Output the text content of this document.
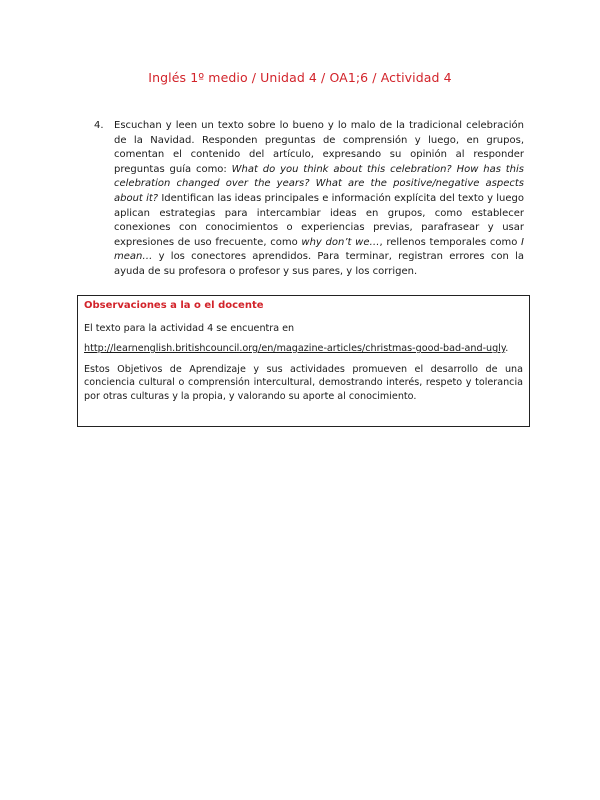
Inglés 1º medio / Unidad 4 / OA1;6 / Actividad 4
4.	Escuchan y leen un texto sobre lo bueno y lo malo de la tradicional celebración de la Navidad. Responden preguntas de comprensión y luego, en grupos, comentan el contenido del artículo, expresando su opinión al responder preguntas guía como: What do you think about this celebration? How has this celebration changed over the years? What are the positive/negative aspects about it? Identifican las ideas principales e información explícita del texto y luego aplican estrategias para intercambiar ideas en grupos, como establecer conexiones con conocimientos o experiencias previas, parafrasear y usar expresiones de uso frecuente, como why don’t we…, rellenos temporales como I mean… y los conectores aprendidos. Para terminar, registran errores con la ayuda de su profesora o profesor y sus pares, y los corrigen.

Observaciones a la o el docente

El texto para la actividad 4 se encuentra en

http://learnenglish.britishcouncil.org/en/magazine-articles/christmas-good-bad-and-ugly.

Estos Objetivos de Aprendizaje y sus actividades promueven el desarrollo de una conciencia cultural o comprensión intercultural, demostrando interés, respeto y tolerancia por otras culturas y la propia, y valorando su aporte al conocimiento.
